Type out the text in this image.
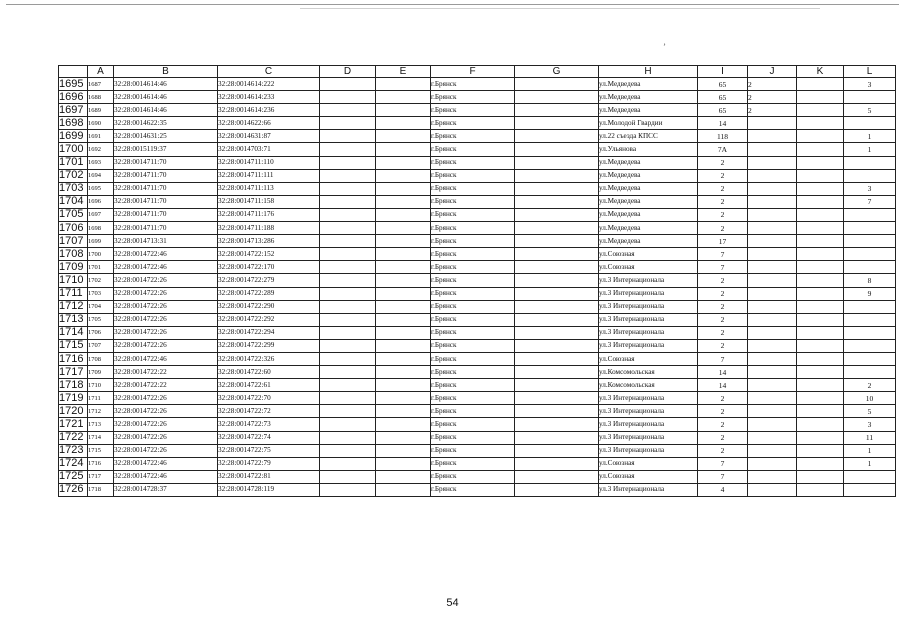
ʼ
	A	B	C	D	E	F	G	H	I	J	K	L
1695	1687	32:28:0014614:46	32:28:0014614:222			г.Брянск		ул.Медведева	65	2		3
1696	1688	32:28:0014614:46	32:28:0014614:233			г.Брянск		ул.Медведева	65	2		
1697	1689	32:28:0014614:46	32:28:0014614:236			г.Брянск		ул.Медведева	65	2		5
1698	1690	32:28:0014622:35	32:28:0014622:66			г.Брянск		ул.Молодой Гвардии	14			
1699	1691	32:28:0014631:25	32:28:0014631:87			г.Брянск		ул.22 съезда КПСС	118			1
1700	1692	32:28:0015119:37	32:28:0014703:71			г.Брянск		ул.Ульянова	7А			1
1701	1693	32:28:0014711:70	32:28:0014711:110			г.Брянск		ул.Медведева	2			
1702	1694	32:28:0014711:70	32:28:0014711:111			г.Брянск		ул.Медведева	2			
1703	1695	32:28:0014711:70	32:28:0014711:113			г.Брянск		ул.Медведева	2			3
1704	1696	32:28:0014711:70	32:28:0014711:158			г.Брянск		ул.Медведева	2			7
1705	1697	32:28:0014711:70	32:28:0014711:176			г.Брянск		ул.Медведева	2			
1706	1698	32:28:0014711:70	32:28:0014711:188			г.Брянск		ул.Медведева	2			
1707	1699	32:28:0014713:31	32:28:0014713:286			г.Брянск		ул.Медведева	17			
1708	1700	32:28:0014722:46	32:28:0014722:152			г.Брянск		ул.Союзная	7			
1709	1701	32:28:0014722:46	32:28:0014722:170			г.Брянск		ул.Союзная	7			
1710	1702	32:28:0014722:26	32:28:0014722:279			г.Брянск		ул.3 Интернационала	2			8
1711	1703	32:28:0014722:26	32:28:0014722:289			г.Брянск		ул.3 Интернационала	2			9
1712	1704	32:28:0014722:26	32:28:0014722:290			г.Брянск		ул.3 Интернационала	2			
1713	1705	32:28:0014722:26	32:28:0014722:292			г.Брянск		ул.3 Интернационала	2			
1714	1706	32:28:0014722:26	32:28:0014722:294			г.Брянск		ул.3 Интернационала	2			
1715	1707	32:28:0014722:26	32:28:0014722:299			г.Брянск		ул.3 Интернационала	2			
1716	1708	32:28:0014722:46	32:28:0014722:326			г.Брянск		ул.Союзная	7			
1717	1709	32:28:0014722:22	32:28:0014722:60			г.Брянск		ул.Комсомольская	14			
1718	1710	32:28:0014722:22	32:28:0014722:61			г.Брянск		ул.Комсомольская	14			2
1719	1711	32:28:0014722:26	32:28:0014722:70			г.Брянск		ул.3 Интернационала	2			10
1720	1712	32:28:0014722:26	32:28:0014722:72			г.Брянск		ул.3 Интернационала	2			5
1721	1713	32:28:0014722:26	32:28:0014722:73			г.Брянск		ул.3 Интернационала	2			3
1722	1714	32:28:0014722:26	32:28:0014722:74			г.Брянск		ул.3 Интернационала	2			11
1723	1715	32:28:0014722:26	32:28:0014722:75			г.Брянск		ул.3 Интернационала	2			1
1724	1716	32:28:0014722:46	32:28:0014722:79			г.Брянск		ул.Союзная	7			1
1725	1717	32:28:0014722:46	32:28:0014722:81			г.Брянск		ул.Союзная	7			
1726	1718	32:28:0014728:37	32:28:0014728:119			г.Брянск		ул.3 Интернационала	4			
54
